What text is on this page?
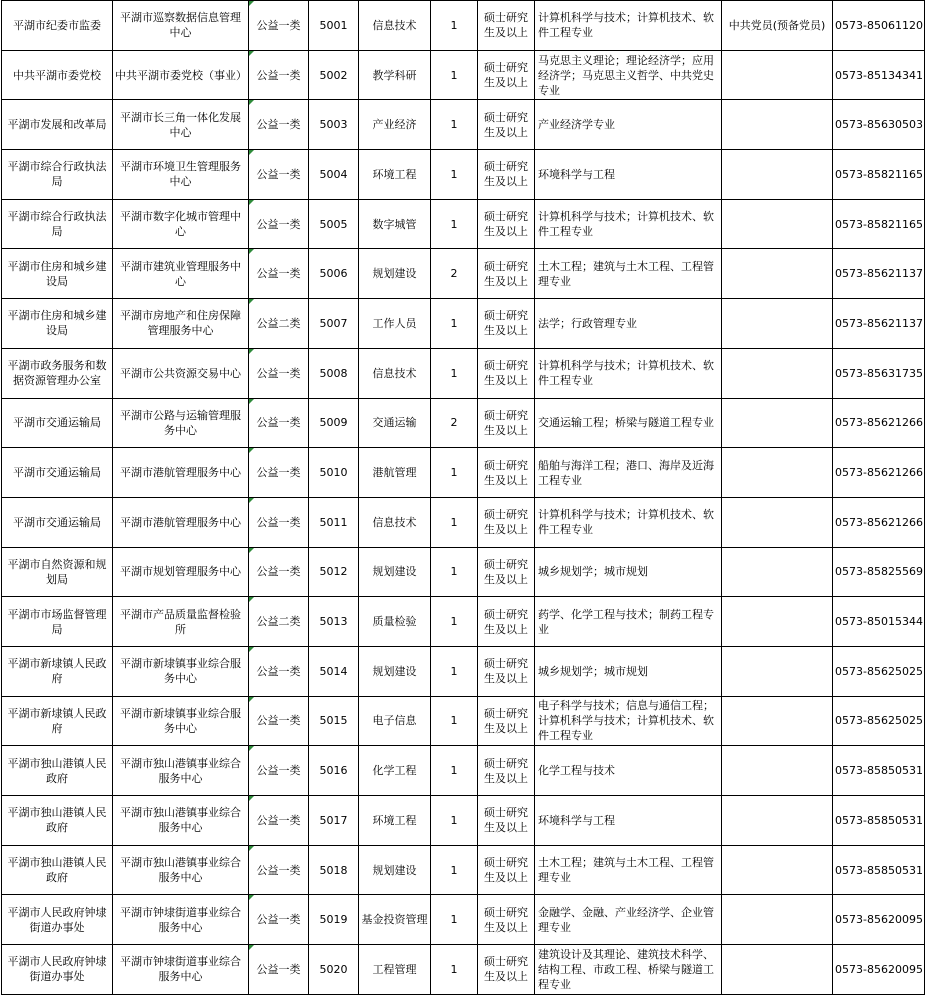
平湖市纪委市监委	平湖市巡察数据信息管理中心	公益一类	5001	信息技术	1	硕士研究生及以上	计算机科学与技术；计算机技术、软件工程专业	中共党员(预备党员)	0573-85061120
中共平湖市委党校	中共平湖市委党校（事业）	公益一类	5002	教学科研	1	硕士研究生及以上	马克思主义理论；理论经济学；应用经济学；马克思主义哲学、中共党史专业		0573-85134341
平湖市发展和改革局	平湖市长三角一体化发展中心	公益一类	5003	产业经济	1	硕士研究生及以上	产业经济学专业		0573-85630503
平湖市综合行政执法局	平湖市环境卫生管理服务中心	公益一类	5004	环境工程	1	硕士研究生及以上	环境科学与工程		0573-85821165
平湖市综合行政执法局	平湖市数字化城市管理中心	公益一类	5005	数字城管	1	硕士研究生及以上	计算机科学与技术；计算机技术、软件工程专业		0573-85821165
平湖市住房和城乡建设局	平湖市建筑业管理服务中心	公益一类	5006	规划建设	2	硕士研究生及以上	土木工程；建筑与土木工程、工程管理专业		0573-85621137
平湖市住房和城乡建设局	平湖市房地产和住房保障管理服务中心	公益二类	5007	工作人员	1	硕士研究生及以上	法学；行政管理专业		0573-85621137
平湖市政务服务和数据资源管理办公室	平湖市公共资源交易中心	公益一类	5008	信息技术	1	硕士研究生及以上	计算机科学与技术；计算机技术、软件工程专业		0573-85631735
平湖市交通运输局	平湖市公路与运输管理服务中心	公益一类	5009	交通运输	2	硕士研究生及以上	交通运输工程；桥梁与隧道工程专业		0573-85621266
平湖市交通运输局	平湖市港航管理服务中心	公益一类	5010	港航管理	1	硕士研究生及以上	船舶与海洋工程；港口、海岸及近海工程专业		0573-85621266
平湖市交通运输局	平湖市港航管理服务中心	公益一类	5011	信息技术	1	硕士研究生及以上	计算机科学与技术；计算机技术、软件工程专业		0573-85621266
平湖市自然资源和规划局	平湖市规划管理服务中心	公益一类	5012	规划建设	1	硕士研究生及以上	城乡规划学；城市规划		0573-85825569
平湖市市场监督管理局	平湖市产品质量监督检验所	公益二类	5013	质量检验	1	硕士研究生及以上	药学、化学工程与技术；制药工程专业		0573-85015344
平湖市新埭镇人民政府	平湖市新埭镇事业综合服务中心	公益一类	5014	规划建设	1	硕士研究生及以上	城乡规划学；城市规划		0573-85625025
平湖市新埭镇人民政府	平湖市新埭镇事业综合服务中心	公益一类	5015	电子信息	1	硕士研究生及以上	电子科学与技术；信息与通信工程；计算机科学与技术；计算机技术、软件工程专业		0573-85625025
平湖市独山港镇人民政府	平湖市独山港镇事业综合服务中心	公益一类	5016	化学工程	1	硕士研究生及以上	化学工程与技术		0573-85850531
平湖市独山港镇人民政府	平湖市独山港镇事业综合服务中心	公益一类	5017	环境工程	1	硕士研究生及以上	环境科学与工程		0573-85850531
平湖市独山港镇人民政府	平湖市独山港镇事业综合服务中心	公益一类	5018	规划建设	1	硕士研究生及以上	土木工程；建筑与土木工程、工程管理专业		0573-85850531
平湖市人民政府钟埭街道办事处	平湖市钟埭街道事业综合服务中心	公益一类	5019	基金投资管理	1	硕士研究生及以上	金融学、金融、产业经济学、企业管理专业		0573-85620095
平湖市人民政府钟埭街道办事处	平湖市钟埭街道事业综合服务中心	公益一类	5020	工程管理	1	硕士研究生及以上	建筑设计及其理论、建筑技术科学、结构工程、市政工程、桥梁与隧道工程专业		0573-85620095
